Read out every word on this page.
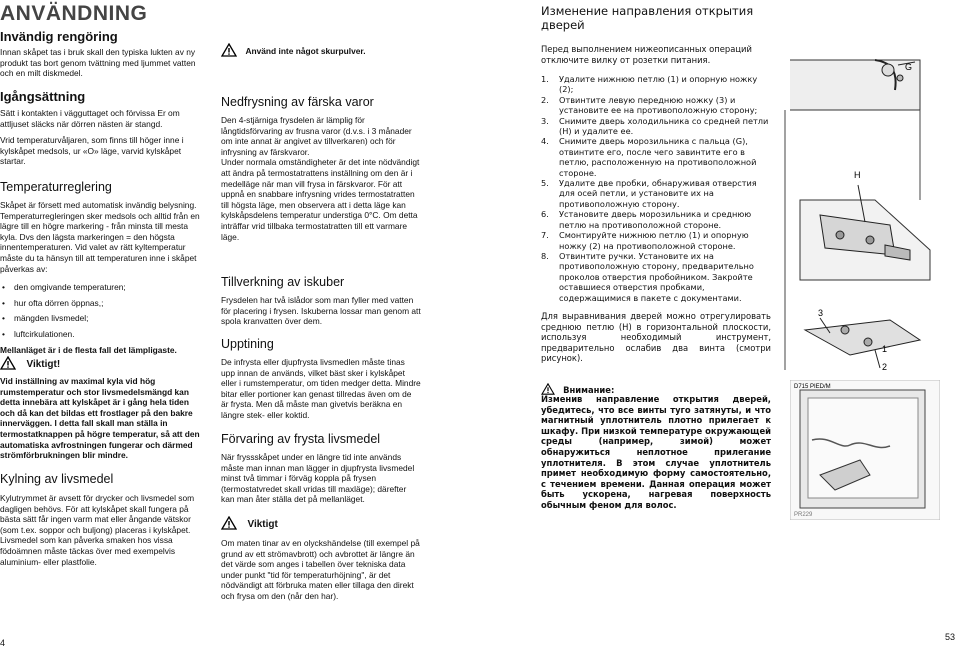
ANVÄNDNING
Invändig rengöring

Innan skåpet tas i bruk skall den typiska lukten av ny produkt tas bort genom tvättning med ljummet vatten och en milt diskmedel.

Igångsättning

Sätt i kontakten i vägguttaget och förvissa Er om attljuset släcks när dörren nästen är stangd.

Vrid temperaturvåljaren, som finns till höger inne i kylskåpet medsols, ur «O» läge, varvid kylskåpet startar.

Temperaturreglering

Skåpet är försett med automatisk invändig belysning. Temperaturregleringen sker medsols och alltid från en lägre till en högre markering - från minsta till mesta kyla. Dvs den lägsta markeringen = den högsta innentemperaturen. Vid valet av rätt kyltemperatur måste du ta hänsyn till att temperaturen inne i skåpet påverkas av:

• den omgivande temperaturen;
• hur ofta dörren öppnas,;
• mängden livsmedel;
• luftcirkulationen.

Mellanläget är i de flesta fall det lämpligaste.

Viktigt!

Vid inställning av maximal kyla vid hög rumstemperatur och stor livsmedelsmängd kan detta innebära att kylskåpet är i gång hela tiden och då kan det bildas ett frostlager på den bakre innerväggen. I detta fall skall man ställa in termostatknappen på högre temperatur, så att den automatiska avfrostningen fungerar och därmed strömförbrukningen blir mindre.

Kylning av livsmedel

Kylutrymmet är avsett för drycker och livsmedel som dagligen behövs. För att kylskåpet skall fungera på bästa sätt får ingen varm mat eller ångande vätskor (som t.ex. soppor och buljong) placeras i kylskåpet. Livsmedel som kan påverka smaken hos vissa födoämnen måste täckas över med exempelvis aluminium- eller plastfolie.

4
Använd inte något skurpulver.
Nedfrysning av färska varor

Den 4-stjärniga frysdelen är lämplig för långtidsförvaring av frusna varor (d.v.s. i 3 månader om inte annat är angivet av tillverkaren) och för infrysning av färskvaror.

Under normala omständigheter är det inte nödvändigt att ändra på termostatrattens inställning om den är i medelläge när man vill frysa in färskvaror. För att uppnå en snabbare infrysning vrides termostatratten till högsta läge, men observera att i detta läge kan kylskåpsdelens temperatur understiga 0°C. Om detta inträffar vrid tillbaka termostatratten till ett varmare läge.

Tillverkning av iskuber

Frysdelen har två islådor som man fyller med vatten för placering i frysen. Iskuberna lossar man genom att spola kranvatten över dem.

Upptining

De infrysta eller djupfrysta livsmedlen måste tinas upp innan de används, vilket bäst sker i kylskåpet eller i rumstemperatur, om tiden medger detta. Mindre bitar eller portioner kan genast tillredas även om de är frysta. Men då måste man givetvis beräkna en längre stek- eller koktid.

Förvaring av frysta livsmedel

När fryssskåpet under en längre tid inte används måste man innan man lägger in djupfrysta livsmedel minst två timmar i förväg koppla på frysen (termostatvredet skall vridas till maxläge); därefter kan man åter ställa det på mellanläget.

Viktigt

Om maten tinar av en olyckshändelse (till exempel på grund av ett strömavbrott) och avbrottet är längre än det värde som anges i tabellen över tekniska data under punkt "tid för temperaturhöjning", är det nödvändigt att förbruka maten eller tillaga den direkt och frysa om den (når den har).

Изменение направления открытия дверей

Перед выполнением нижеописанных операций отключите вилку от розетки питания.

1. Удалите нижнюю петлю (1) и опорную ножку (2);
2. Отвинтите левую переднюю ножку (3) и установите ее на противоположную сторону;
3. Снимите дверь холодильника со средней петли (H) и удалите ее.
4. Снимите дверь морозильника с пальца (G), отвинтите его, после чего завинтите его в петлю, расположенную на противоположной стороне.
5. Удалите две пробки, обнаруживая отверстия для осей петли, и установите их на противоположную сторону.
6. Установите дверь морозильника и среднюю петлю на противоположной стороне.
7. Смонтируйте нижнюю петлю (1) и опорную ножку (2) на противоположной стороне.
8. Отвинтите ручки. Установите их на противоположную сторону, предварительно проколов отверстия пробойником. Закройте оставшиеся отверстия пробками, содержащимися в пакете с документами.

Для выравнивания дверей можно отрегулировать среднюю петлю (H) в горизонтальной плоскости, используя необходимый инструмент, предварительно ослабив два винта (смотри рисунок).

Внимание:

Изменив направление открытия дверей, убедитесь, что все винты туго затянуты, и что магнитный уплотнитель плотно прилегает к шкафу. При низкой температуре окружающей среды (например, зимой) может обнаружиться неплотное прилегание уплотнителя. В этом случае уплотнитель примет необходимую форму самостоятельно, с течением времени. Данная операция может быть ускорена, нагревая поверхность обычным феном для волос.

G
H
3
1
2
D715 PIED/M
PR229
53
